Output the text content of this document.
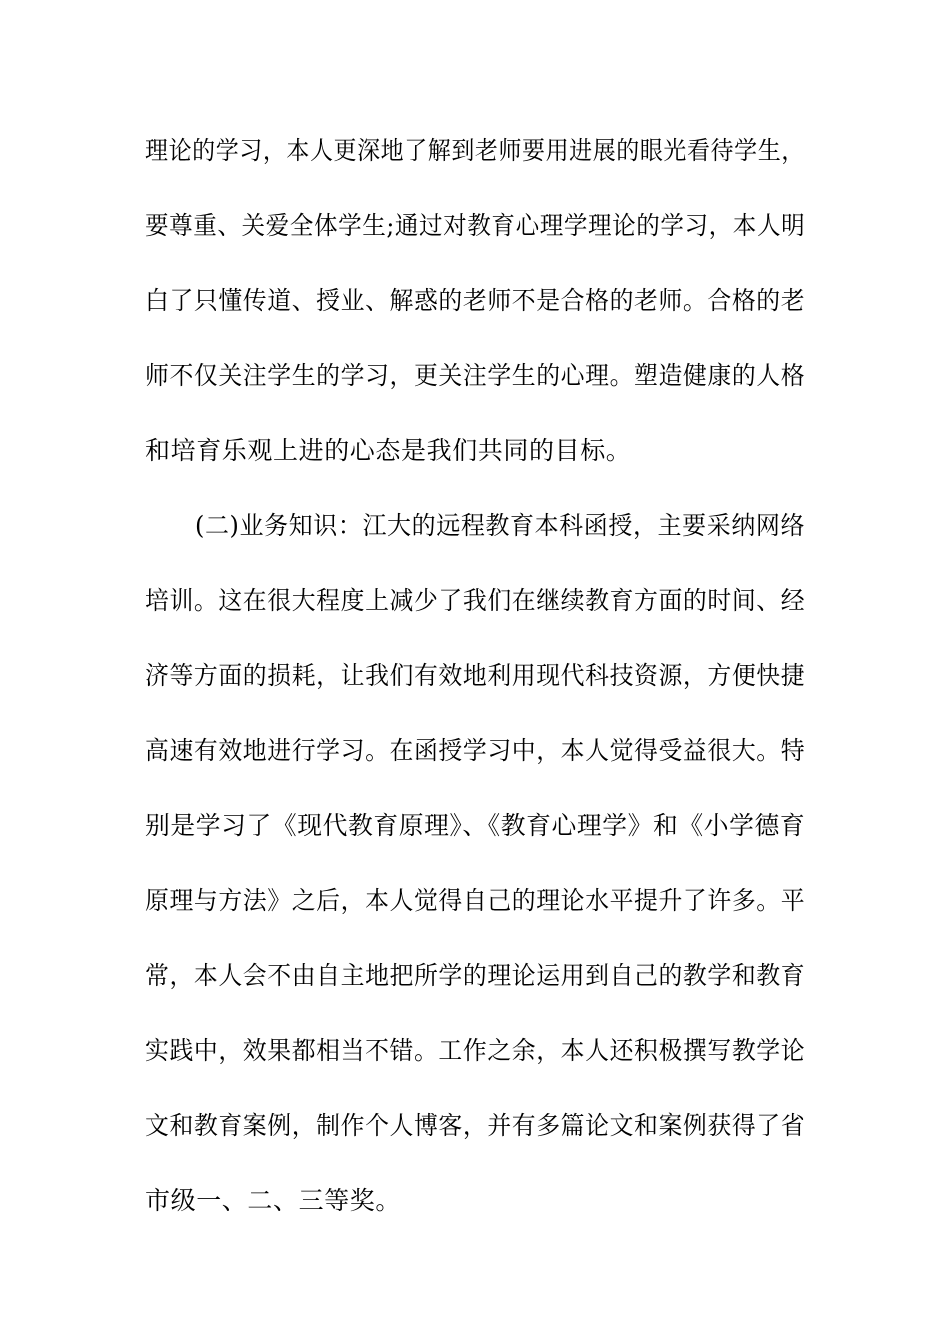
理论的学习，本人更深地了解到老师要用进展的眼光看待学生，
要尊重、关爱全体学生;通过对教育心理学理论的学习，本人明
白了只懂传道、授业、解惑的老师不是合格的老师。合格的老
师不仅关注学生的学习，更关注学生的心理。塑造健康的人格
和培育乐观上进的心态是我们共同的目标。
(二)业务知识：江大的远程教育本科函授，主要采纳网络
培训。这在很大程度上减少了我们在继续教育方面的时间、经
济等方面的损耗，让我们有效地利用现代科技资源，方便快捷
高速有效地进行学习。在函授学习中，本人觉得受益很大。特
别是学习了《现代教育原理》、《教育心理学》和《小学德育
原理与方法》之后，本人觉得自己的理论水平提升了许多。平
常，本人会不由自主地把所学的理论运用到自己的教学和教育
实践中，效果都相当不错。工作之余，本人还积极撰写教学论
文和教育案例，制作个人博客，并有多篇论文和案例获得了省
市级一、二、三等奖。
